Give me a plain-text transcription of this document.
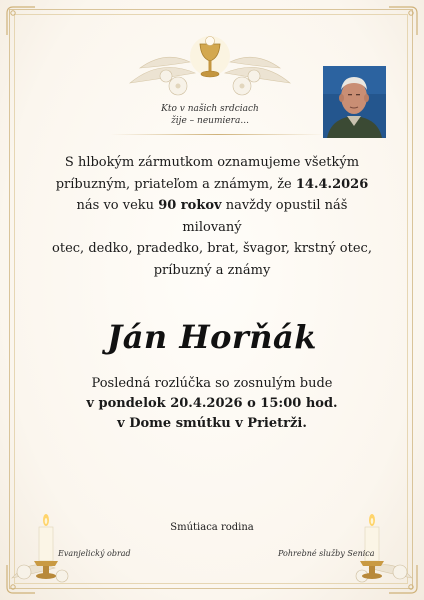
Kto v našich srdciach
žije – neumiera...
S hlbokým zármutkom oznamujeme všetkým
príbuzným, priateľom a známym, že 14.4.2026
nás vo veku 90 rokov navždy opustil náš
milovaný
otec, dedko, pradedko, brat, švagor, krstný otec,
príbuzný a známy
Ján Horňák
Posledná rozlúčka so zosnulým bude
v pondelok 20.4.2026 o 15:00 hod.
v Dome smútku v Prietrži.
Smútiaca rodina
Evanjelický obrad	Pohrebné služby Senica
